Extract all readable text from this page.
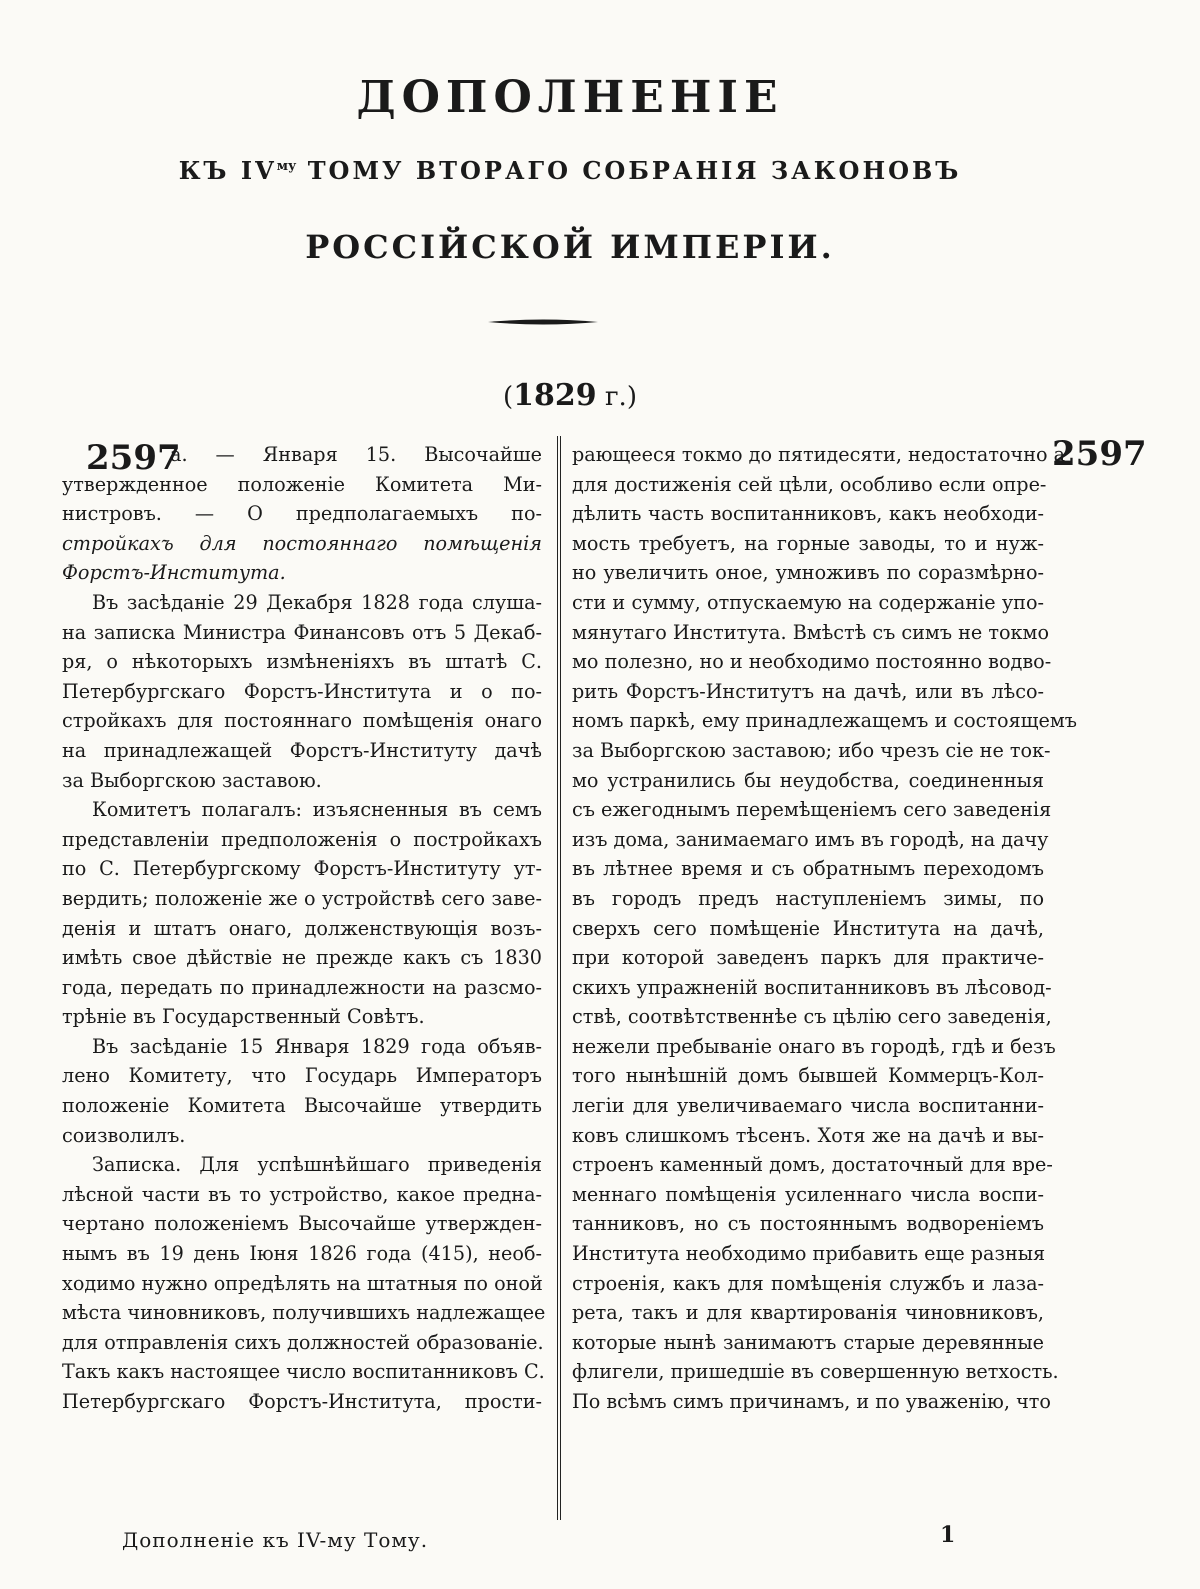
ДОПОЛНЕНIЕ
КЪ $IV^{му}$ ТОМУ ВТОРАГО СОБРАНIЯ ЗАКОНОВЪ
РОССIЙСКОЙ ИМПЕРIИ.
(1829 г.)
2597	2597
а. — Января 15. Высочайше
утвержденное положенiе Комитета Ми-
нистровъ. — О предполагаемыхъ по-
стройкахъ для постояннаго помѣщенiя
Форстъ-Института.
Въ засѣданiе 29 Декабря 1828 года слуша-
на записка Министра Финансовъ отъ 5 Декаб-
ря, о нѣкоторыхъ измѣненiяхъ въ штатѣ С.
Петербургскаго Форстъ-Института и о по-
стройкахъ для постояннаго помѣщенiя онаго
на принадлежащей Форстъ-Институту дачѣ
за Выборгскою заставою.
Комитетъ полагалъ: изъясненныя въ семъ
представленiи предположенiя о постройкахъ
по С. Петербургскому Форстъ-Институту ут-
вердить; положенiе же о устройствѣ сего заве-
денiя и штатъ онаго, долженствующiя возъ-
имѣть свое дѣйствiе не прежде какъ съ 1830
года, передать по принадлежности на разсмо-
трѣнiе въ Государственный Совѣтъ.
Въ засѣданiе 15 Января 1829 года объяв-
лено Комитету, что Государь Императоръ
положенiе Комитета Высочайше утвердить
соизволилъ.
Записка. Для успѣшнѣйшаго приведенiя
лѣсной части въ то устройство, какое предна-
чертано положенiемъ Высочайше утвержден-
нымъ въ 19 день Iюня 1826 года (415), необ-
ходимо нужно опредѣлять на штатныя по оной
мѣста чиновниковъ, получившихъ надлежащее
для отправленiя сихъ должностей образованiе.
Такъ какъ настоящее число воспитанниковъ С.
Петербургскаго Форстъ-Института, прости-
рающееся токмо до пятидесяти, недостаточно а
для достиженiя сей цѣли, особливо если опре-
дѣлить часть воспитанниковъ, какъ необходи-
мость требуетъ, на горные заводы, то и нуж-
но увеличить оное, умноживъ по соразмѣрно-
сти и сумму, отпускаемую на содержанiе упо-
мянутаго Института. Вмѣстѣ съ симъ не токмо
мо полезно, но и необходимо постоянно водво-
рить Форстъ-Институтъ на дачѣ, или въ лѣсо-
номъ паркѣ, ему принадлежащемъ и состоящемъ
за Выборгскою заставою; ибо чрезъ сiе не ток-
мо устранились бы неудобства, соединенныя
съ ежегоднымъ перемѣщенiемъ сего заведенiя
изъ дома, занимаемаго имъ въ городѣ, на дачу
въ лѣтнее время и съ обратнымъ переходомъ
въ городъ предъ наступленiемъ зимы, по
сверхъ сего помѣщенiе Института на дачѣ,
при которой заведенъ паркъ для практиче-
скихъ упражненiй воспитанниковъ въ лѣсовод-
ствѣ, соотвѣтственнѣе съ цѣлiю сего заведенiя,
нежели пребыванiе онаго въ городѣ, гдѣ и безъ
того нынѣшнiй домъ бывшей Коммерцъ-Кол-
легiи для увеличиваемаго числа воспитанни-
ковъ слишкомъ тѣсенъ. Хотя же на дачѣ и вы-
строенъ каменный домъ, достаточный для вре-
меннаго помѣщенiя усиленнаго числа воспи-
танниковъ, но съ постояннымъ водворенiемъ
Института необходимо прибавить еще разныя
строенiя, какъ для помѣщенiя службъ и лаза-
рета, такъ и для квартированiя чиновниковъ,
которые нынѣ занимаютъ старые деревянные
флигели, пришедшiе въ совершенную ветхость.
По всѣмъ симъ причинамъ, и по уваженiю, что
Дополненiе къ IV-му Тому.	1
